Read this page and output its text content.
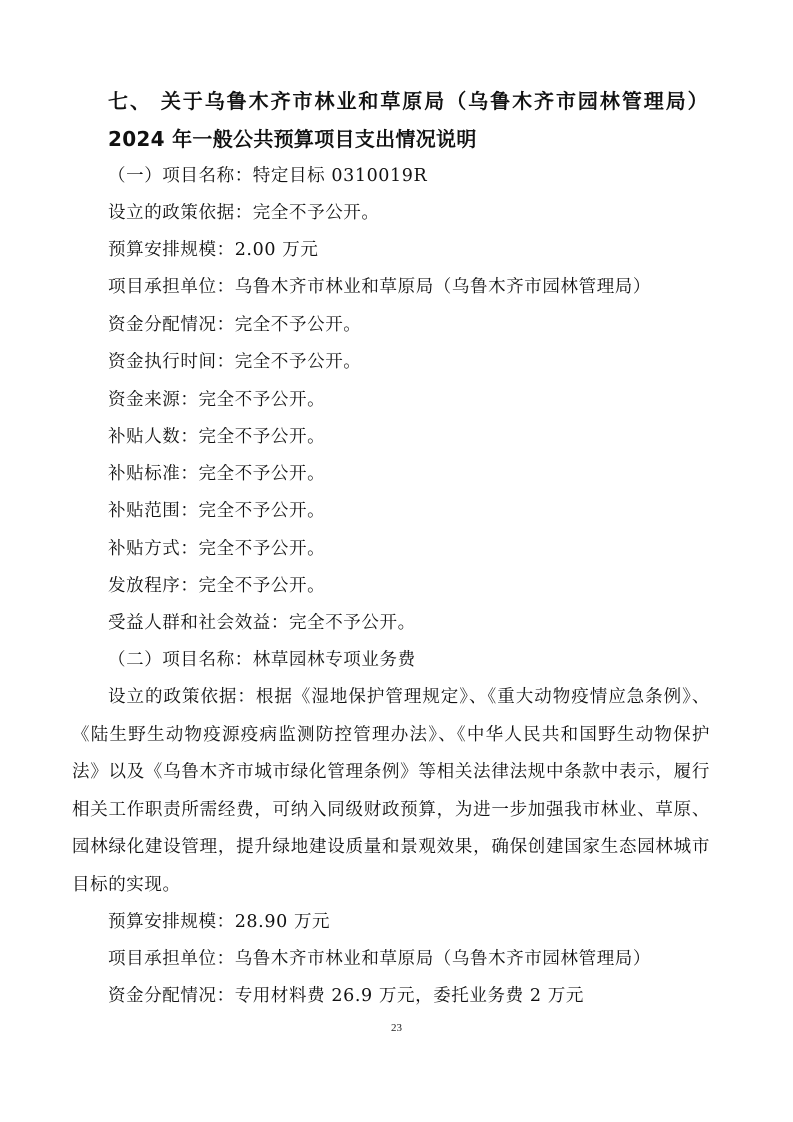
七、 关于乌鲁木齐市林业和草原局（乌鲁木齐市园林管理局）2024 年一般公共预算项目支出情况说明
（一）项目名称：特定目标 0310019R
设立的政策依据：完全不予公开。
预算安排规模：2.00 万元
项目承担单位：乌鲁木齐市林业和草原局（乌鲁木齐市园林管理局）
资金分配情况：完全不予公开。
资金执行时间：完全不予公开。
资金来源：完全不予公开。
补贴人数：完全不予公开。
补贴标准：完全不予公开。
补贴范围：完全不予公开。
补贴方式：完全不予公开。
发放程序：完全不予公开。
受益人群和社会效益：完全不予公开。
（二）项目名称：林草园林专项业务费
设立的政策依据：根据《湿地保护管理规定》、《重大动物疫情应急条例》、《陆生野生动物疫源疫病监测防控管理办法》、《中华人民共和国野生动物保护法》以及《乌鲁木齐市城市绿化管理条例》等相关法律法规中条款中表示，履行相关工作职责所需经费，可纳入同级财政预算，为进一步加强我市林业、草原、园林绿化建设管理，提升绿地建设质量和景观效果，确保创建国家生态园林城市目标的实现。
预算安排规模：28.90 万元
项目承担单位：乌鲁木齐市林业和草原局（乌鲁木齐市园林管理局）
资金分配情况：专用材料费 26.9 万元，委托业务费 2 万元
23
